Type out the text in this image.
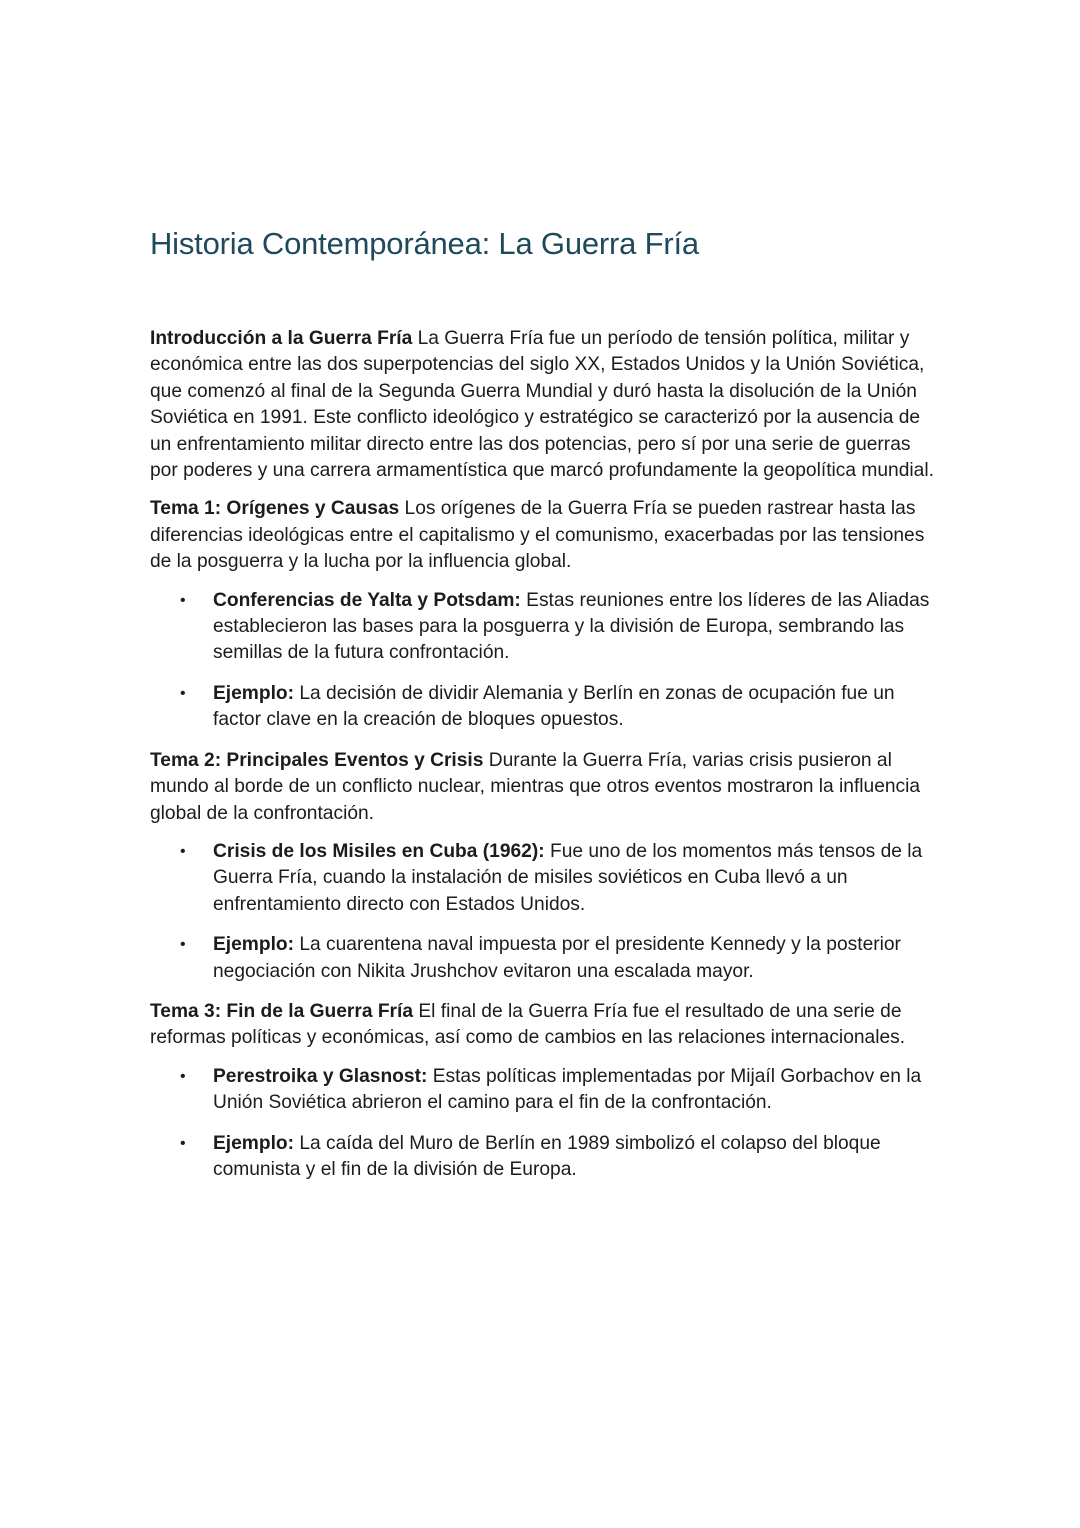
Historia Contemporánea: La Guerra Fría

Introducción a la Guerra Fría La Guerra Fría fue un período de tensión política, militar y económica entre las dos superpotencias del siglo XX, Estados Unidos y la Unión Soviética, que comenzó al final de la Segunda Guerra Mundial y duró hasta la disolución de la Unión Soviética en 1991. Este conflicto ideológico y estratégico se caracterizó por la ausencia de un enfrentamiento militar directo entre las dos potencias, pero sí por una serie de guerras por poderes y una carrera armamentística que marcó profundamente la geopolítica mundial.

Tema 1: Orígenes y Causas Los orígenes de la Guerra Fría se pueden rastrear hasta las diferencias ideológicas entre el capitalismo y el comunismo, exacerbadas por las tensiones de la posguerra y la lucha por la influencia global.

• Conferencias de Yalta y Potsdam: Estas reuniones entre los líderes de las Aliadas establecieron las bases para la posguerra y la división de Europa, sembrando las semillas de la futura confrontación.
• Ejemplo: La decisión de dividir Alemania y Berlín en zonas de ocupación fue un factor clave en la creación de bloques opuestos.

Tema 2: Principales Eventos y Crisis Durante la Guerra Fría, varias crisis pusieron al mundo al borde de un conflicto nuclear, mientras que otros eventos mostraron la influencia global de la confrontación.

• Crisis de los Misiles en Cuba (1962): Fue uno de los momentos más tensos de la Guerra Fría, cuando la instalación de misiles soviéticos en Cuba llevó a un enfrentamiento directo con Estados Unidos.
• Ejemplo: La cuarentena naval impuesta por el presidente Kennedy y la posterior negociación con Nikita Jrushchov evitaron una escalada mayor.

Tema 3: Fin de la Guerra Fría El final de la Guerra Fría fue el resultado de una serie de reformas políticas y económicas, así como de cambios en las relaciones internacionales.

• Perestroika y Glasnost: Estas políticas implementadas por Mijaíl Gorbachov en la Unión Soviética abrieron el camino para el fin de la confrontación.
• Ejemplo: La caída del Muro de Berlín en 1989 simbolizó el colapso del bloque comunista y el fin de la división de Europa.
